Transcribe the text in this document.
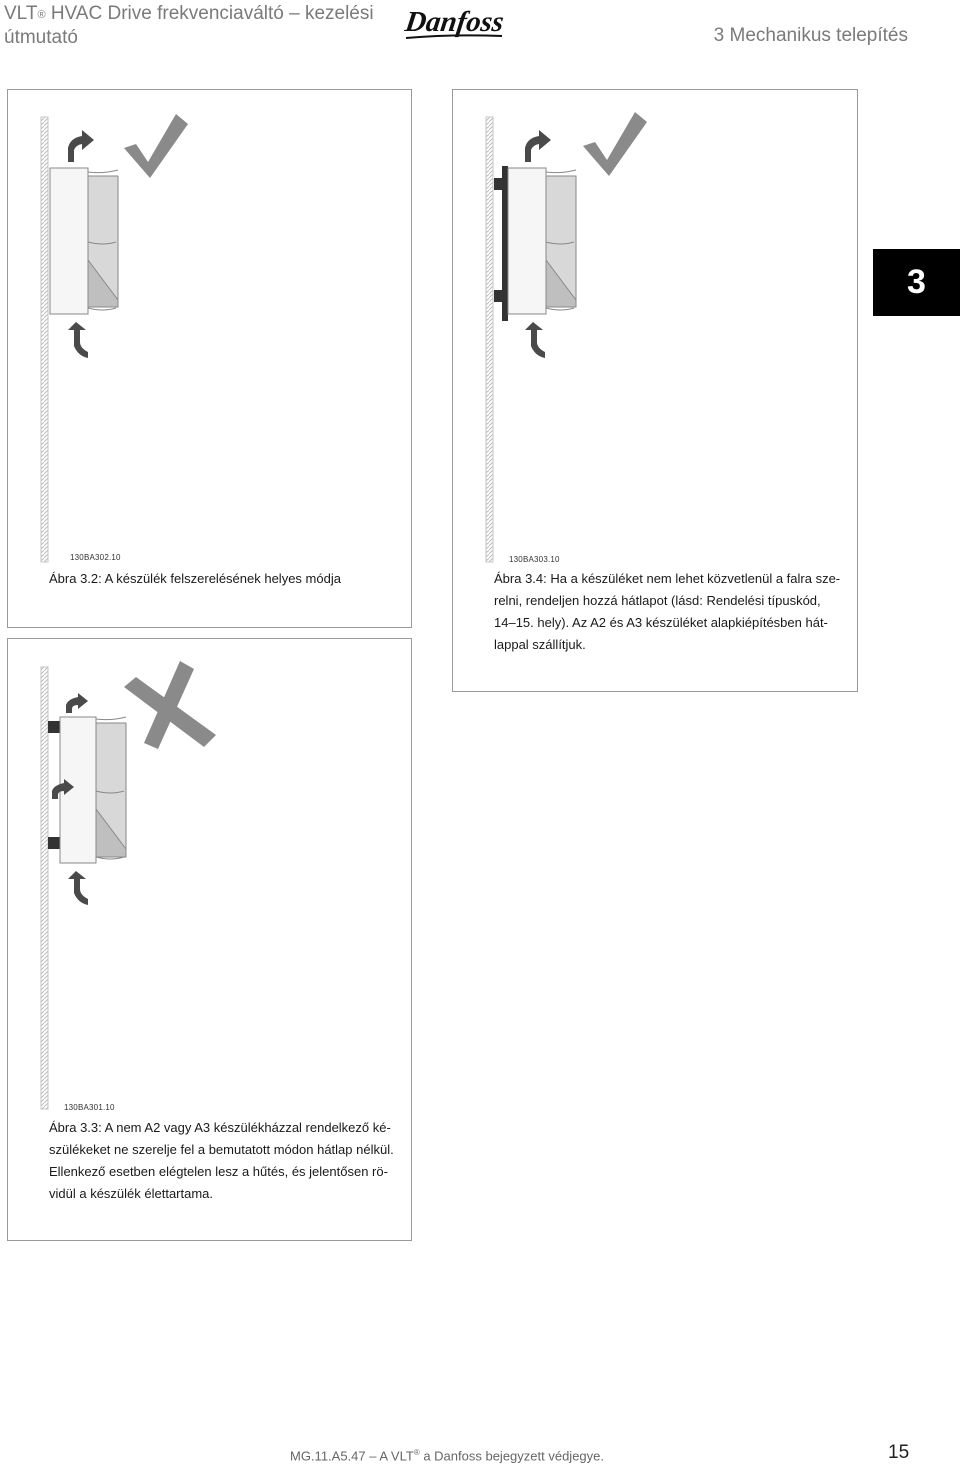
VLT® HVAC Drive frekvenciaváltó – kezelési
útmutató	Danfoss	3 Mechanikus telepítés
3
130BA302.10
Ábra 3.2: A készülék felszerelésének helyes módja
130BA303.10
Ábra 3.4: Ha a készüléket nem lehet közvetlenül a falra sze-
relni, rendeljen hozzá hátlapot (lásd: Rendelési típuskód,
14–15. hely). Az A2 és A3 készüléket alapkiépítésben hát-
lappal szállítjuk.
130BA301.10
Ábra 3.3: A nem A2 vagy A3 készülékházzal rendelkező ké-
szülékeket ne szerelje fel a bemutatott módon hátlap nélkül.
Ellenkező esetben elégtelen lesz a hűtés, és jelentősen rö-
vidül a készülék élettartama.
MG.11.A5.47 – A VLT® a Danfoss bejegyzett védjegye.	15
